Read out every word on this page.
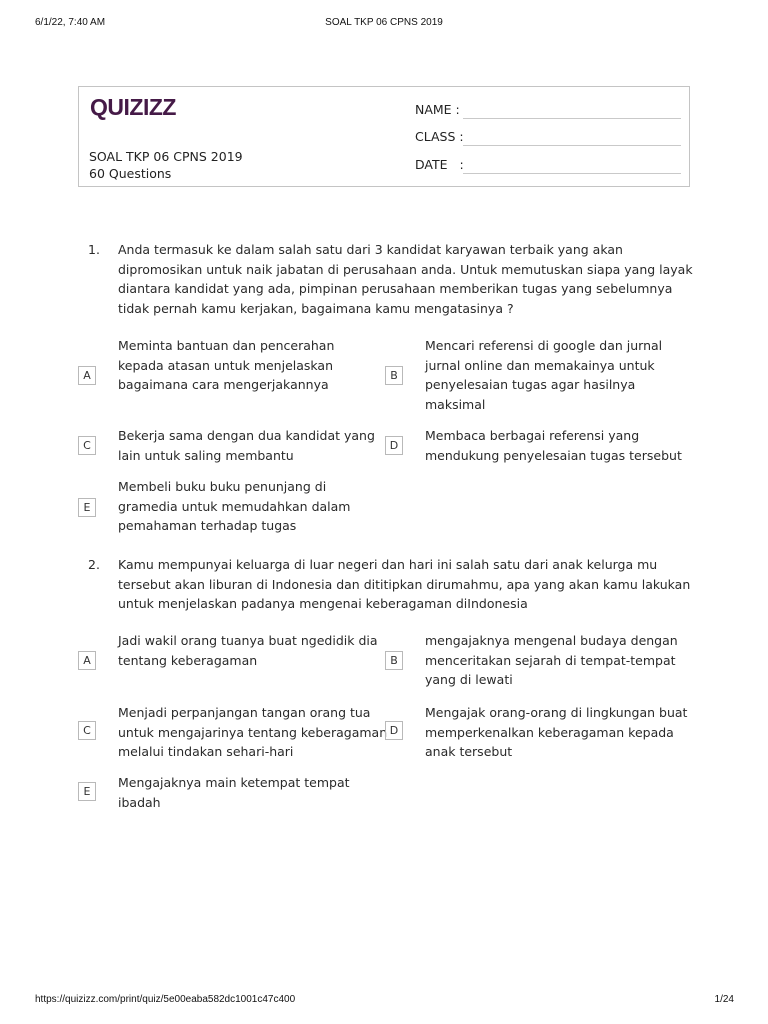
6/1/22, 7:40 AM	SOAL TKP 06 CPNS 2019
QUIZIZZ
SOAL TKP 06 CPNS 2019
60 Questions
NAME :
CLASS :
DATE   :
1. Anda termasuk ke dalam salah satu dari 3 kandidat karyawan terbaik yang akan
dipromosikan untuk naik jabatan di perusahaan anda. Untuk memutuskan siapa yang layak
diantara kandidat yang ada, pimpinan perusahaan memberikan tugas yang sebelumnya
tidak pernah kamu kerjakan, bagaimana kamu mengatasinya ?
A
Meminta bantuan dan pencerahan
kepada atasan untuk menjelaskan
bagaimana cara mengerjakannya
B
Mencari referensi di google dan jurnal
jurnal online dan memakainya untuk
penyelesaian tugas agar hasilnya
maksimal
C
Bekerja sama dengan dua kandidat yang
lain untuk saling membantu
D
Membaca berbagai referensi yang
mendukung penyelesaian tugas tersebut
E
Membeli buku buku penunjang di
gramedia untuk memudahkan dalam
pemahaman terhadap tugas
2. Kamu mempunyai keluarga di luar negeri dan hari ini salah satu dari anak kelurga mu
tersebut akan liburan di Indonesia dan dititipkan dirumahmu, apa yang akan kamu lakukan
untuk menjelaskan padanya mengenai keberagaman diIndonesia
A
Jadi wakil orang tuanya buat ngedidik dia
tentang keberagaman	B
mengajaknya mengenal budaya dengan
menceritakan sejarah di tempat-tempat
yang di lewati
C
Menjadi perpanjangan tangan orang tua
untuk mengajarinya tentang keberagaman
melalui tindakan sehari-hari
D
Mengajak orang-orang di lingkungan buat
memperkenalkan keberagaman kepada
anak tersebut
E
Mengajaknya main ketempat tempat
ibadah
https://quizizz.com/print/quiz/5e00eaba582dc1001c47c400	1/24
